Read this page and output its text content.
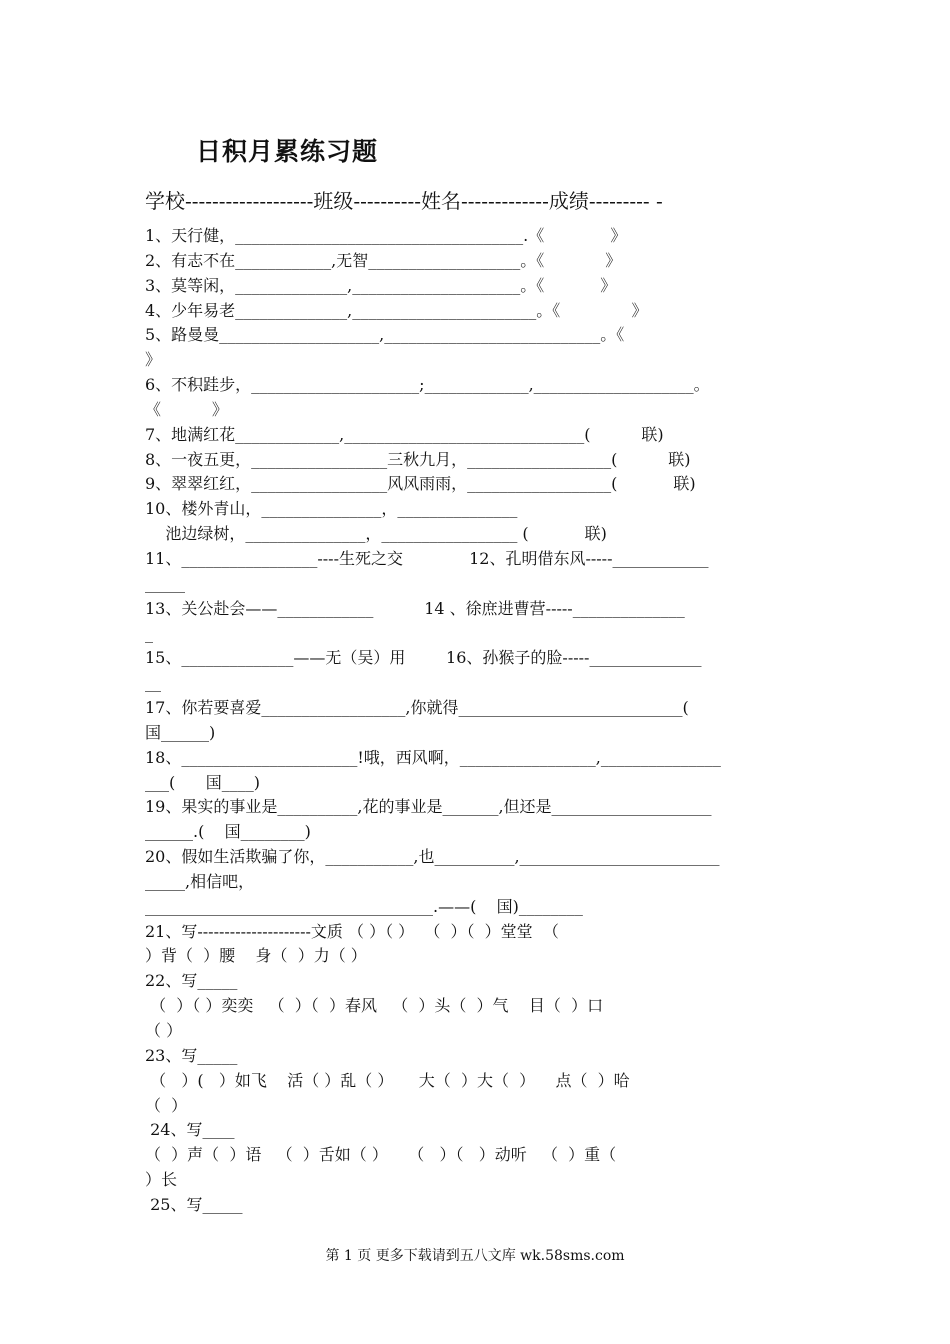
日积月累练习题
学校-------------------班级----------姓名-------------成绩--------- -
1、天行健，____________________________________.《             》
2、有志不在____________,无智___________________。《            》
3、莫等闲，______________,_____________________。《           》
4、少年易老______________,_______________________。《              》
5、路曼曼____________________,___________________________。《
》
6、不积跬步，_____________________;_____________,____________________。
《          》
7、地满红花_____________,______________________________(          联)
8、一夜五更，_________________三秋九月，__________________(          联)
9、翠翠红红，_________________风风雨雨，__________________(           联)
10、楼外青山，_______________，_______________
池边绿树，_______________，_________________ (           联)
11、_________________----生死之交             12、孔明借东风-----____________
_____
13、关公赴会——____________          14 、徐庶进曹营-----______________
_
15、______________——无（吴）用        16、孙猴子的脸-----______________
__
17、你若要喜爱__________________,你就得____________________________(
国______)
18、______________________!哦，西风啊，_________________,_______________
___(      国____)
19、果实的事业是__________,花的事业是_______,但还是____________________
______.(    国________)
20、假如生活欺骗了你，___________,也__________,_________________________
_____,相信吧，
____________________________________.——(    国)________
21、写---------------------文质 （ ）（ ）  （  ）（  ）堂堂  （
）背（  ）腰    身（  ）力（ ）
22、写_____
（  ）（ ）奕奕   （  ）（  ）春风   （  ）头（  ）气    目（  ）口
（ ）
23、写_____
（   ）(   ）如飞    活（ ）乱（ ）     大（  ）大（  ）    点（  ）哈
（  ）
24、写____
（  ）声（  ）语   （  ）舌如（ ）    （   ）（   ）动听   （  ）重（
）长
25、写_____
第 1 页 更多下载请到五八文库 wk.58sms.com
